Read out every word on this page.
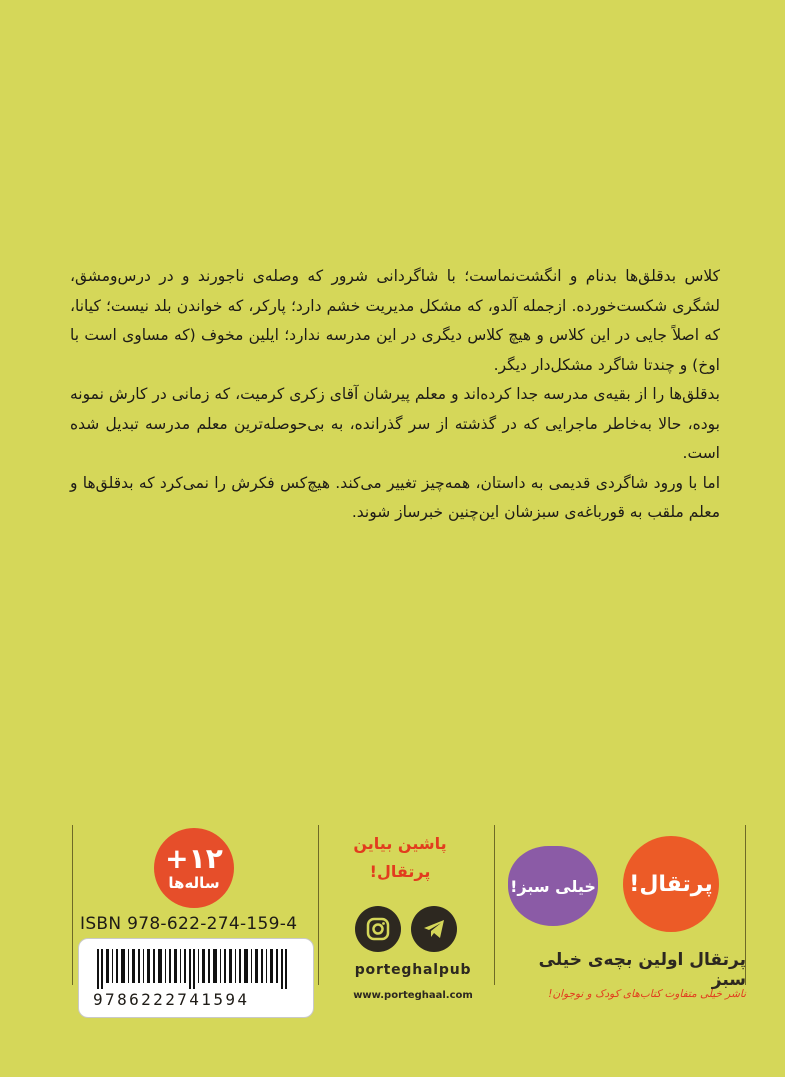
کلاس بدقلق‌ها بدنام و انگشت‌نماست؛ با شاگردانی شرور که وصله‌ی ناجورند و در درس‌ومشق، لشگری شکست‌خورده. ازجمله آلدو، که مشکل مدیریت خشم دارد؛ پارکر، که خواندن بلد نیست؛ کیانا، که اصلاً جایی در این کلاس و هیچ کلاس دیگری در این مدرسه ندارد؛ ایلین مخوف (که مساوی است با اوخ) و چندتا شاگرد مشکل‌دار دیگر.

بدقلق‌ها را از بقیه‌ی مدرسه جدا کرده‌اند و معلم پیرشان آقای زکری کرمیت، که زمانی در کارش نمونه بوده، حالا به‌خاطر ماجرایی که در گذشته از سر گذرانده، به بی‌حوصله‌ترین معلم مدرسه تبدیل شده است.

اما با ورود شاگردی قدیمی به داستان، همه‌چیز تغییر می‌کند. هیچ‌کس فکرش را نمی‌کرد که بدقلق‌ها و معلم ملقب به قورباغه‌ی سبزشان این‌چنین خبرساز شوند.

+۱۲
ساله‌ها
ISBN 978-622-274-159-4
9786222741594
پاشین بیاین
پرتقال!
porteghalpub
www.porteghaal.com
پرتقال!
خیلی سبز!
پرتقال اولین بچه‌ی خیلی سبز
ناشر خیلی متفاوت کتاب‌های کودک و نوجوان!
